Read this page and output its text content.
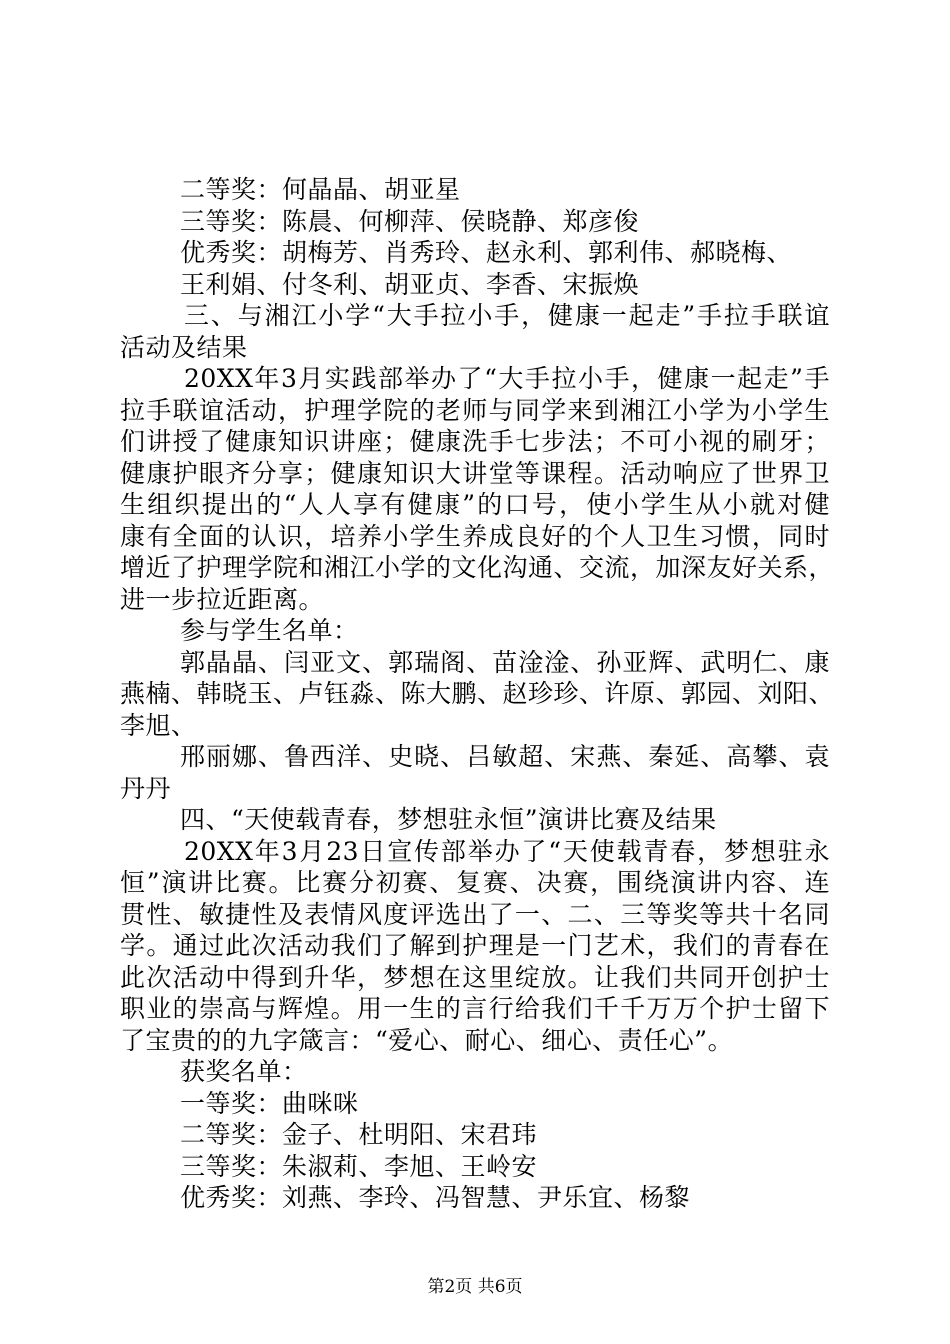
二等奖：何晶晶、胡亚星
三等奖：陈晨、何柳萍、侯晓静、郑彦俊
优秀奖：胡梅芳、肖秀玲、赵永利、郭利伟、郝晓梅、
王利娟、付冬利、胡亚贞、李香、宋振焕
三、与湘江小学“大手拉小手，健康一起走”手拉手联谊
活动及结果
20XX年3月实践部举办了“大手拉小手，健康一起走”手
拉手联谊活动，护理学院的老师与同学来到湘江小学为小学生
们讲授了健康知识讲座；健康洗手七步法；不可小视的刷牙；
健康护眼齐分享；健康知识大讲堂等课程。活动响应了世界卫
生组织提出的“人人享有健康”的口号，使小学生从小就对健
康有全面的认识，培养小学生养成良好的个人卫生习惯，同时
增近了护理学院和湘江小学的文化沟通、交流，加深友好关系，
进一步拉近距离。
参与学生名单：
郭晶晶、闫亚文、郭瑞阁、苗淦淦、孙亚辉、武明仁、康
燕楠、韩晓玉、卢钰淼、陈大鹏、赵珍珍、许原、郭园、刘阳、
李旭、
邢丽娜、鲁西洋、史晓、吕敏超、宋燕、秦延、高攀、袁
丹丹
四、“天使载青春，梦想驻永恒”演讲比赛及结果
20XX年3月23日宣传部举办了“天使载青春，梦想驻永
恒”演讲比赛。比赛分初赛、复赛、决赛，围绕演讲内容、连
贯性、敏捷性及表情风度评选出了一、二、三等奖等共十名同
学。通过此次活动我们了解到护理是一门艺术，我们的青春在
此次活动中得到升华，梦想在这里绽放。让我们共同开创护士
职业的崇高与辉煌。用一生的言行给我们千千万万个护士留下
了宝贵的的九字箴言：“爱心、耐心、细心、责任心”。
获奖名单：
一等奖：曲咪咪
二等奖：金子、杜明阳、宋君玮
三等奖：朱淑莉、李旭、王岭安
优秀奖：刘燕、李玲、冯智慧、尹乐宜、杨黎
第2页 共6页
